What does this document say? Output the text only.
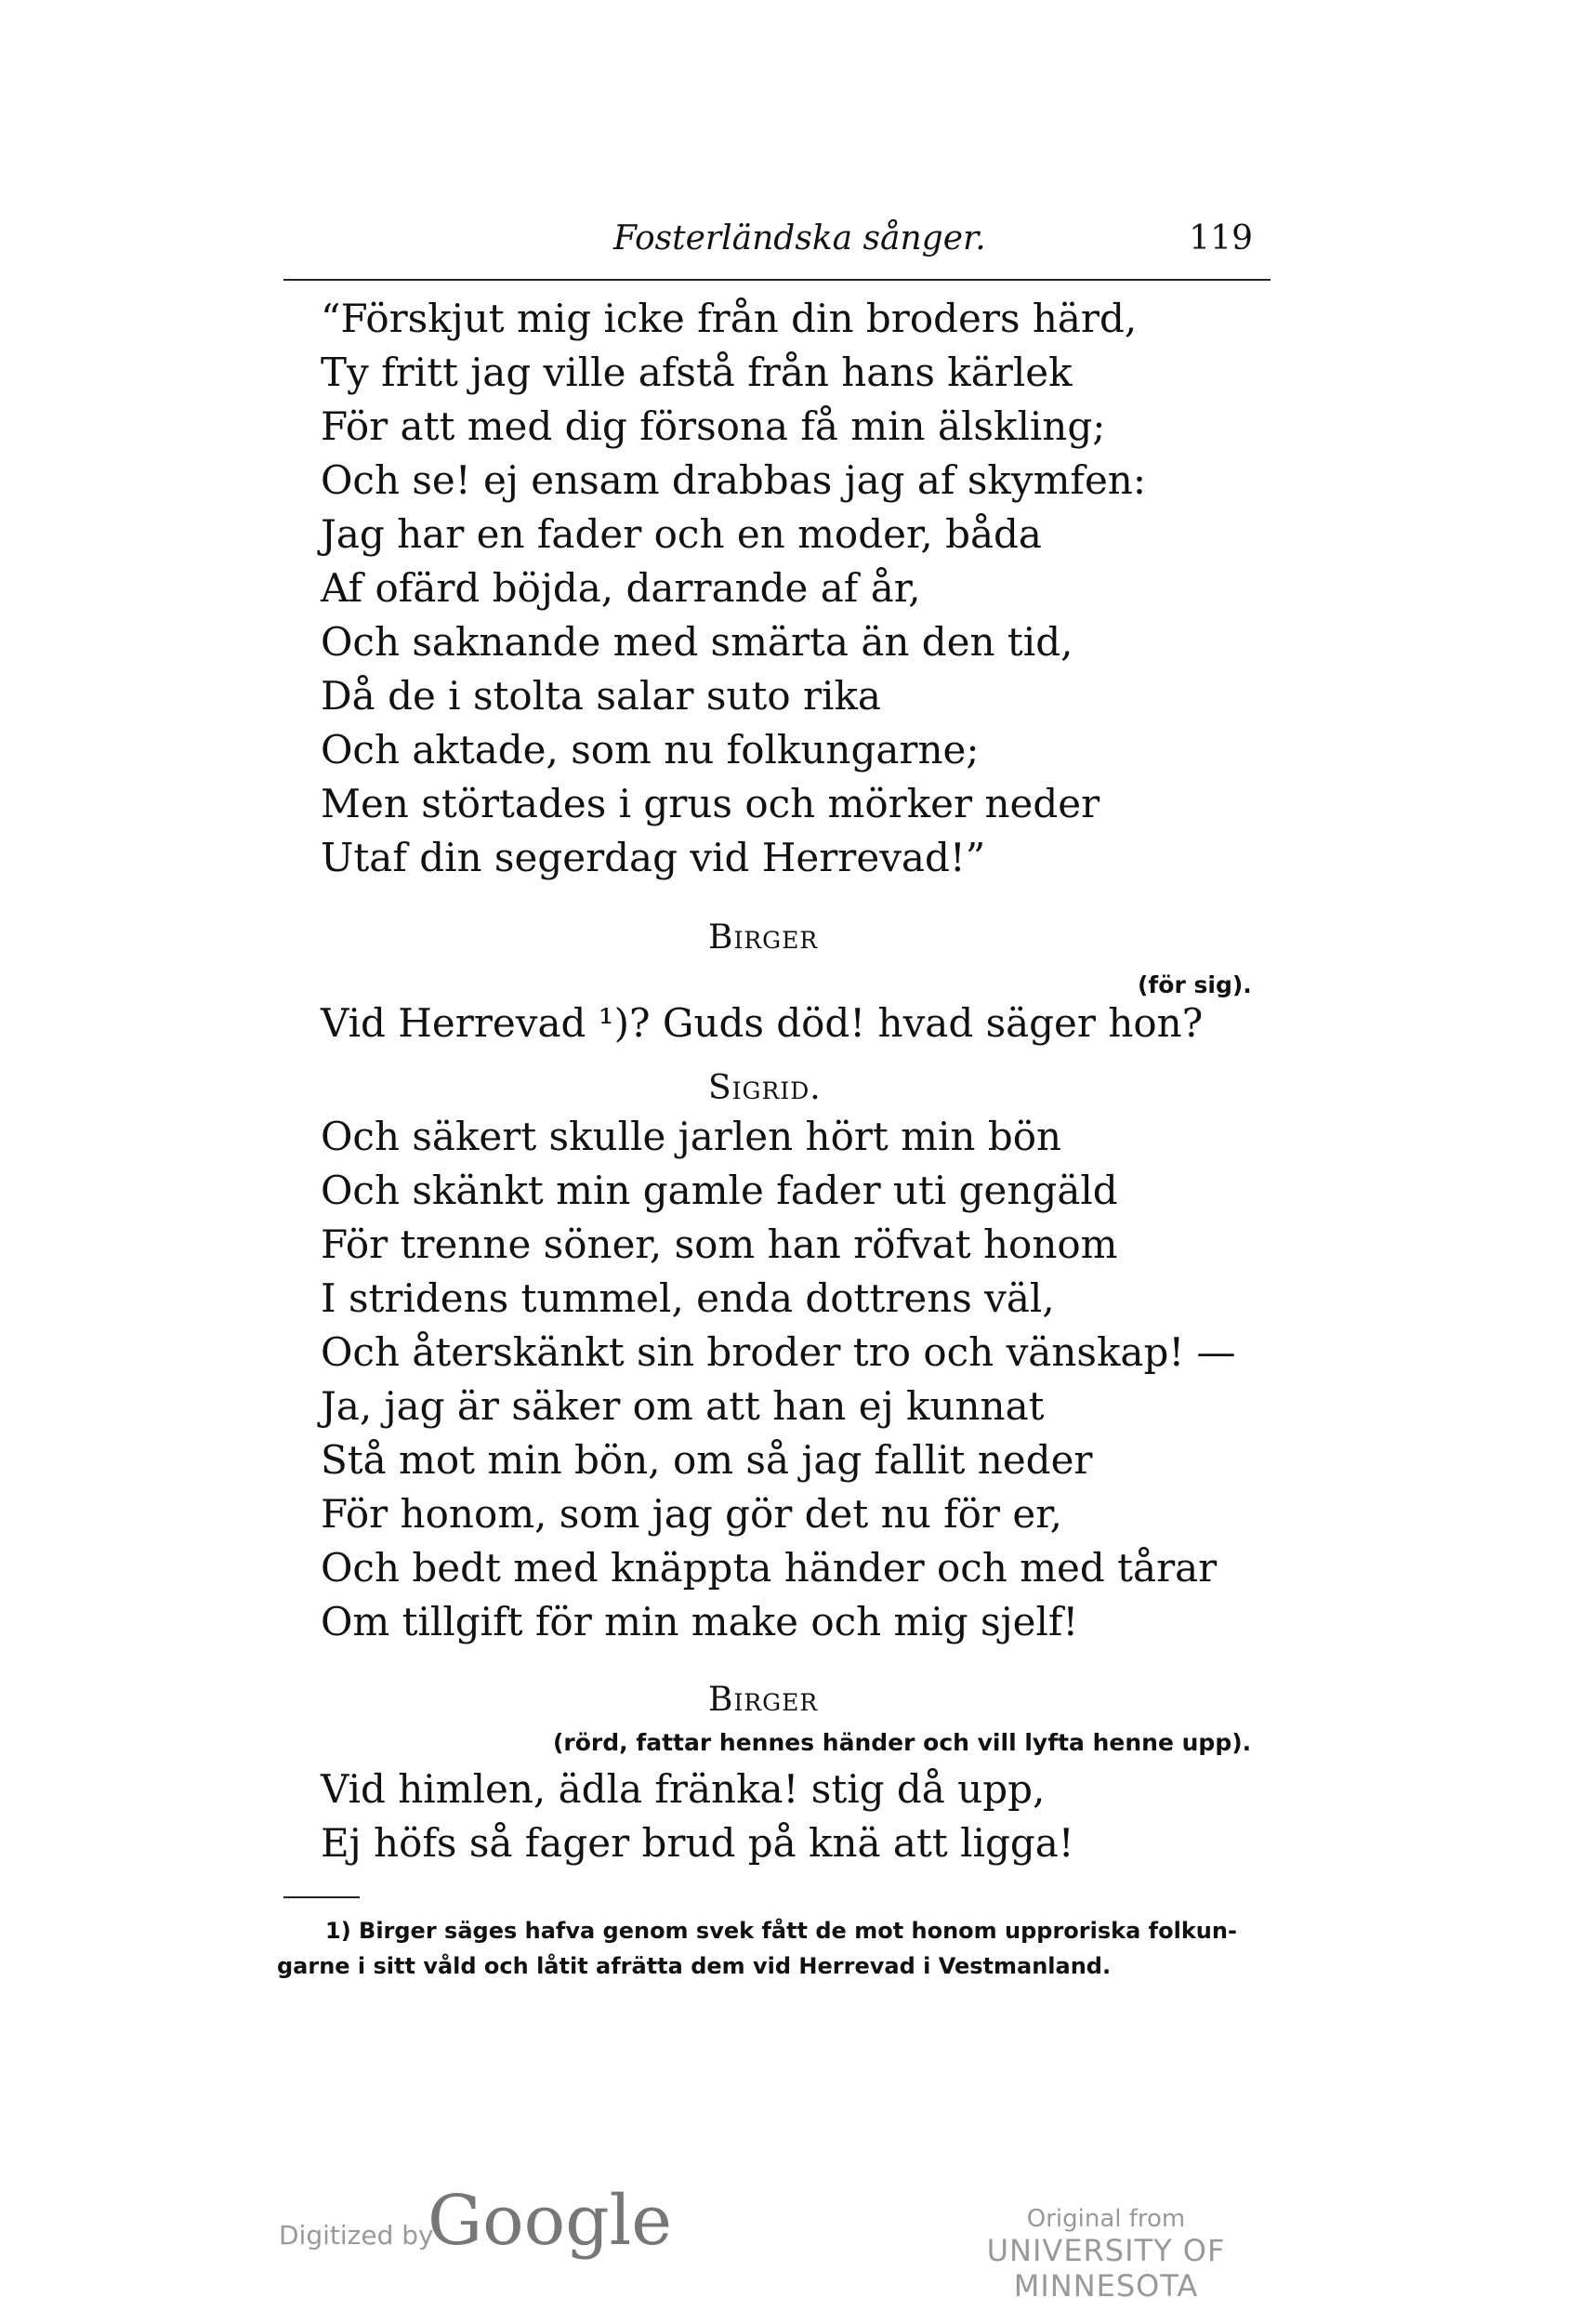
Fosterländska sånger.	119
“Förskjut mig icke från din broders härd,
Ty fritt jag ville afstå från hans kärlek
För att med dig försona få min älskling;
Och se! ej ensam drabbas jag af skymfen:
Jag har en fader och en moder, båda
Af ofärd böjda, darrande af år,
Och saknande med smärta än den tid,
Då de i stolta salar suto rika
Och aktade, som nu folkungarne;
Men störtades i grus och mörker neder
Utaf din segerdag vid Herrevad!”
Birger
(för sig).
Vid Herrevad ¹)? Guds död! hvad säger hon?
Sigrid.
Och säkert skulle jarlen hört min bön
Och skänkt min gamle fader uti gengäld
För trenne söner, som han röfvat honom
I stridens tummel, enda dottrens väl,
Och återskänkt sin broder tro och vänskap! —
Ja, jag är säker om att han ej kunnat
Stå mot min bön, om så jag fallit neder
För honom, som jag gör det nu för er,
Och bedt med knäppta händer och med tårar
Om tillgift för min make och mig sjelf!
Birger
(rörd, fattar hennes händer och vill lyfta henne upp).
Vid himlen, ädla fränka! stig då upp,
Ej höfs så fager brud på knä att ligga!
1) Birger säges hafva genom svek fått de mot honom upproriska folkun-
garne i sitt våld och låtit afrätta dem vid Herrevad i Vestmanland.
Digitized by
Google	Original from
UNIVERSITY OF MINNESOTA
